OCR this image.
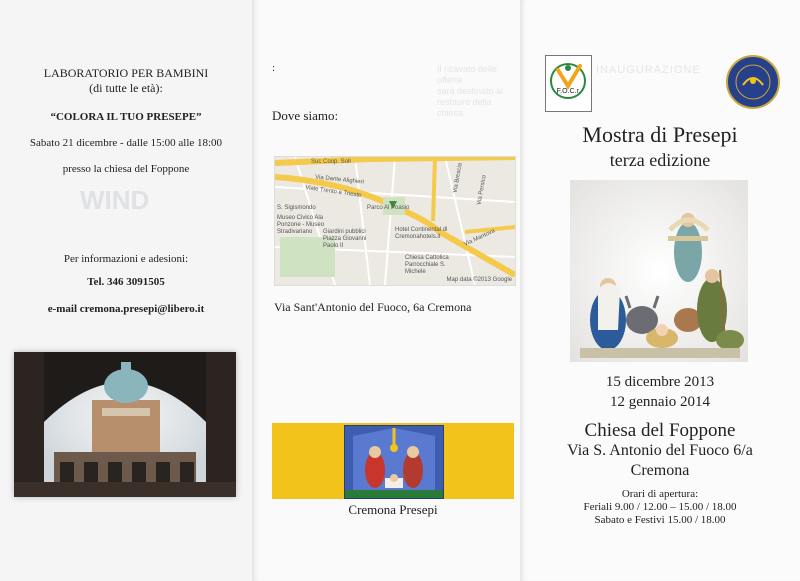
LABORATORIO PER BAMBINI
(di tutte le età):
“COLORA IL TUO PRESEPE”
Sabato 21 dicembre - dalle 15:00 alle 18:00
presso la chiesa del Foppone
WIND
Per informazioni e adesioni:
Tel. 346 3091505
e-mail cremona.presepi@libero.it
:	Il ricavato delle offerte
sarà destinato al
restauro della chiesa
Dove siamo:
Suc Coop. Soll
Via Dante Alighieri
Viale Trento e Trieste
S. Sigismondo
Museo Civico Ala Ponzone - Museo Stradivariano
Parco Al Poasio
Giardini pubblici Piazza Giovanni Paolo II
Hotel Continental di Cremonahotels.it
Chiesa Cattolica Parrocchiale S. Michele
Via Brescia
Via Mantova
Via Persico
Map data ©2013 Google
Via Sant'Antonio del Fuoco, 6a Cremona
Cremona Presepi
F.O.C.r.
INAUGURAZIONE
Mostra di Presepi
terza edizione
15 dicembre 2013
12 gennaio 2014
Chiesa del Foppone
Via S. Antonio del Fuoco 6/a
Cremona
Orari di apertura:
Feriali 9.00 / 12.00 – 15.00 / 18.00
Sabato e Festivi 15.00 / 18.00
